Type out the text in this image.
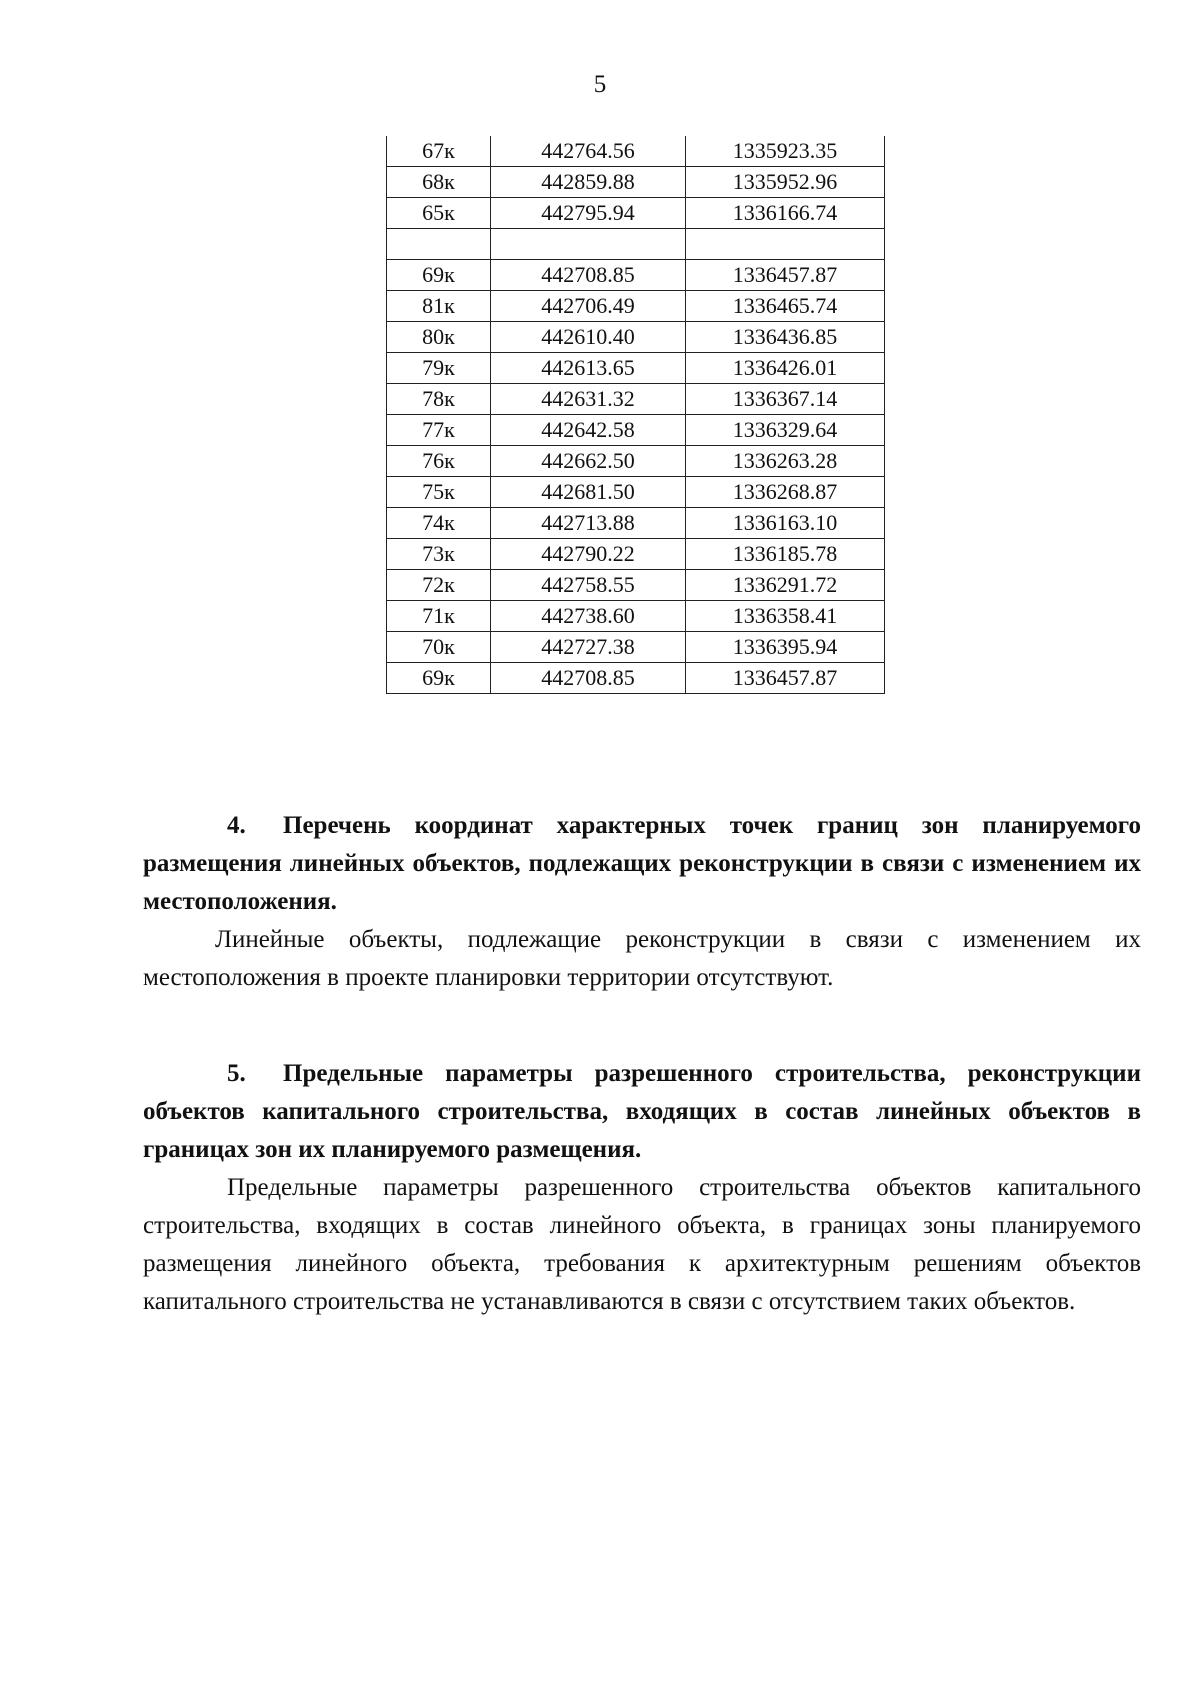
5
67к	442764.56	1335923.35
68к	442859.88	1335952.96
65к	442795.94	1336166.74

69к	442708.85	1336457.87
81к	442706.49	1336465.74
80к	442610.40	1336436.85
79к	442613.65	1336426.01
78к	442631.32	1336367.14
77к	442642.58	1336329.64
76к	442662.50	1336263.28
75к	442681.50	1336268.87
74к	442713.88	1336163.10
73к	442790.22	1336185.78
72к	442758.55	1336291.72
71к	442738.60	1336358.41
70к	442727.38	1336395.94
69к	442708.85	1336457.87
4. Перечень координат характерных точек границ зон планируемого размещения линейных объектов, подлежащих реконструкции в связи с изменением их местоположения.
Линейные объекты, подлежащие реконструкции в связи с изменением их местоположения в проекте планировки территории отсутствуют.
5. Предельные параметры разрешенного строительства, реконструкции объектов капитального строительства, входящих в состав линейных объектов в границах зон их планируемого размещения.
Предельные параметры разрешенного строительства объектов капитального строительства, входящих в состав линейного объекта, в границах зоны планируемого размещения линейного объекта, требования к архитектурным решениям объектов капитального строительства не устанавливаются в связи с отсутствием таких объектов.
